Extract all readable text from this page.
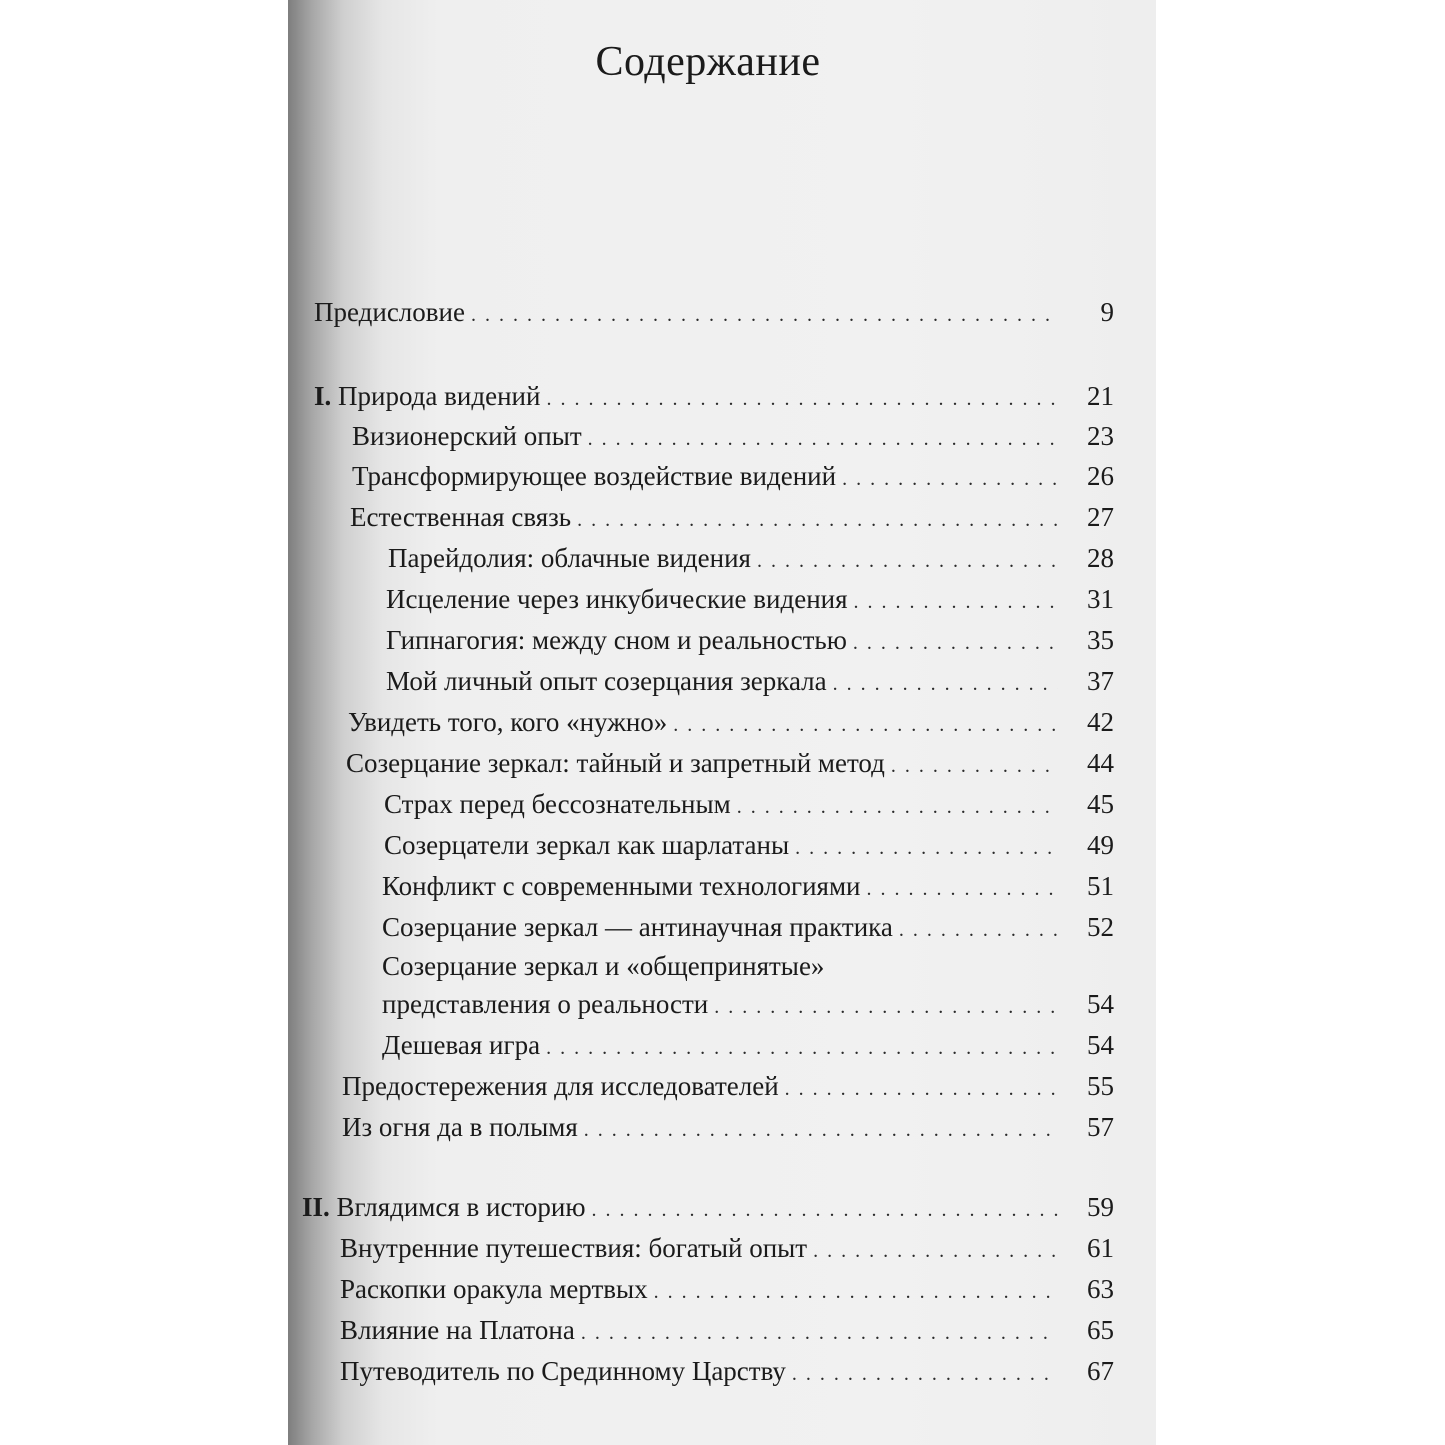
Содержание
Предисловие . . .	9
I. Природа видений . . .	21
Визионерский опыт . . .	23
Трансформирующее воздействие видений . . .	26
Естественная связь . . .	27
Парейдолия: облачные видения . . .	28
Исцеление через инкубические видения . . .	31
Гипнагогия: между сном и реальностью . . .	35
Мой личный опыт созерцания зеркала . . .	37
Увидеть того, кого «нужно» . . .	42
Созерцание зеркал: тайный и запретный метод . . .	44
Страх перед бессознательным . . .	45
Созерцатели зеркал как шарлатаны . . .	49
Конфликт с современными технологиями . . .	51
Созерцание зеркал — антинаучная практика . . .	52
Созерцание зеркал и «общепринятые»
представления о реальности . . .	54
Дешевая игра . . .	54
Предостережения для исследователей . . .	55
Из огня да в полымя . . .	57
II. Вглядимся в историю . . .	59
Внутренние путешествия: богатый опыт . . .	61
Раскопки оракула мертвых . . .	63
Влияние на Платона . . .	65
Путеводитель по Срединному Царству . . .	67
